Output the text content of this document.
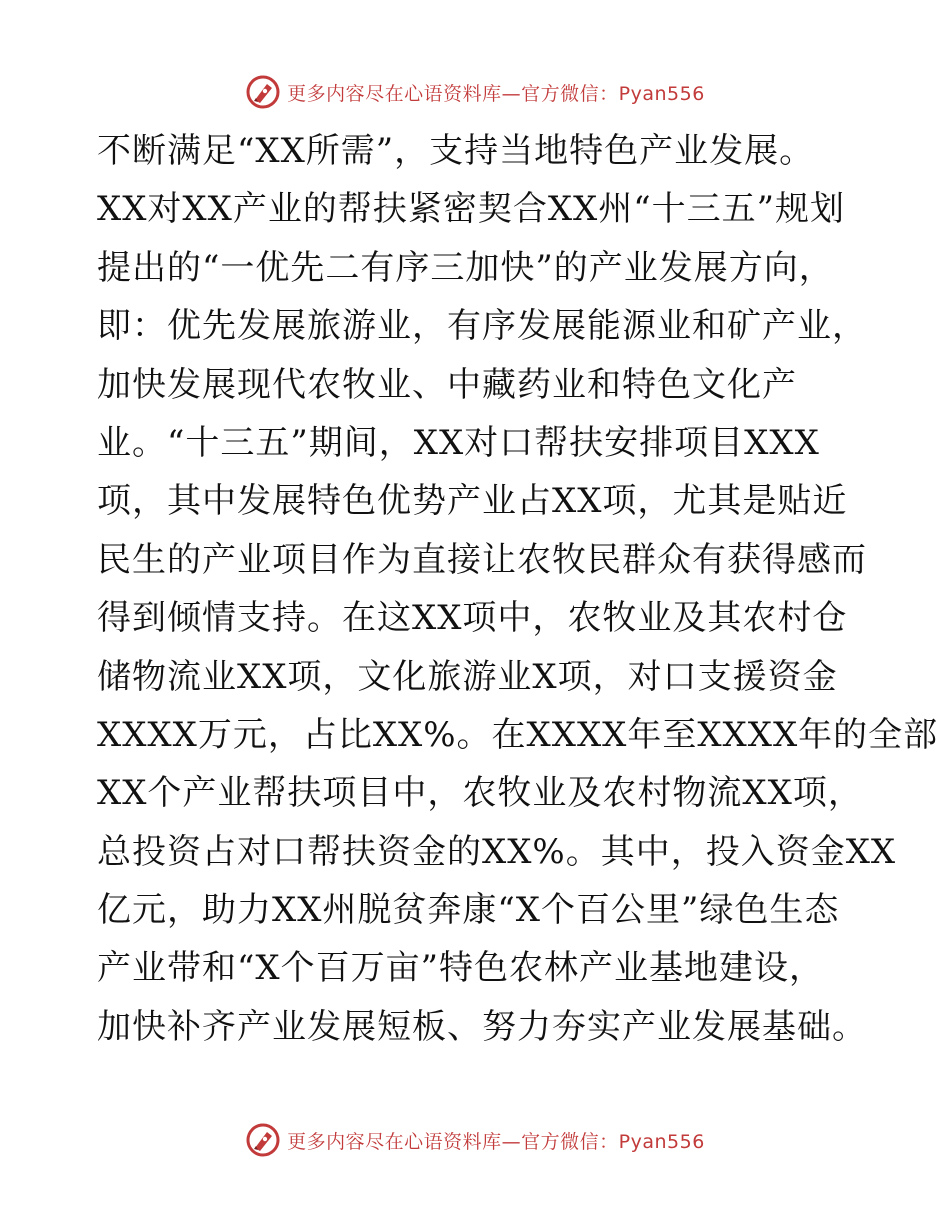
更多内容尽在心语资料库—官方微信：Pyan556
不断满足“XX所需”，支持当地特色产业发展。
XX对XX产业的帮扶紧密契合XX州“十三五”规划
提出的“一优先二有序三加快”的产业发展方向，
即：优先发展旅游业，有序发展能源业和矿产业，
加快发展现代农牧业、中藏药业和特色文化产
业。“十三五”期间，XX对口帮扶安排项目XXX
项，其中发展特色优势产业占XX项，尤其是贴近
民生的产业项目作为直接让农牧民群众有获得感而
得到倾情支持。在这XX项中，农牧业及其农村仓
储物流业XX项，文化旅游业X项，对口支援资金
XXXX万元，占比XX%。在XXXX年至XXXX年的全部
XX个产业帮扶项目中，农牧业及农村物流XX项，
总投资占对口帮扶资金的XX%。其中，投入资金XX
亿元，助力XX州脱贫奔康“X个百公里”绿色生态
产业带和“X个百万亩”特色农林产业基地建设，
加快补齐产业发展短板、努力夯实产业发展基础。
更多内容尽在心语资料库—官方微信：Pyan556
